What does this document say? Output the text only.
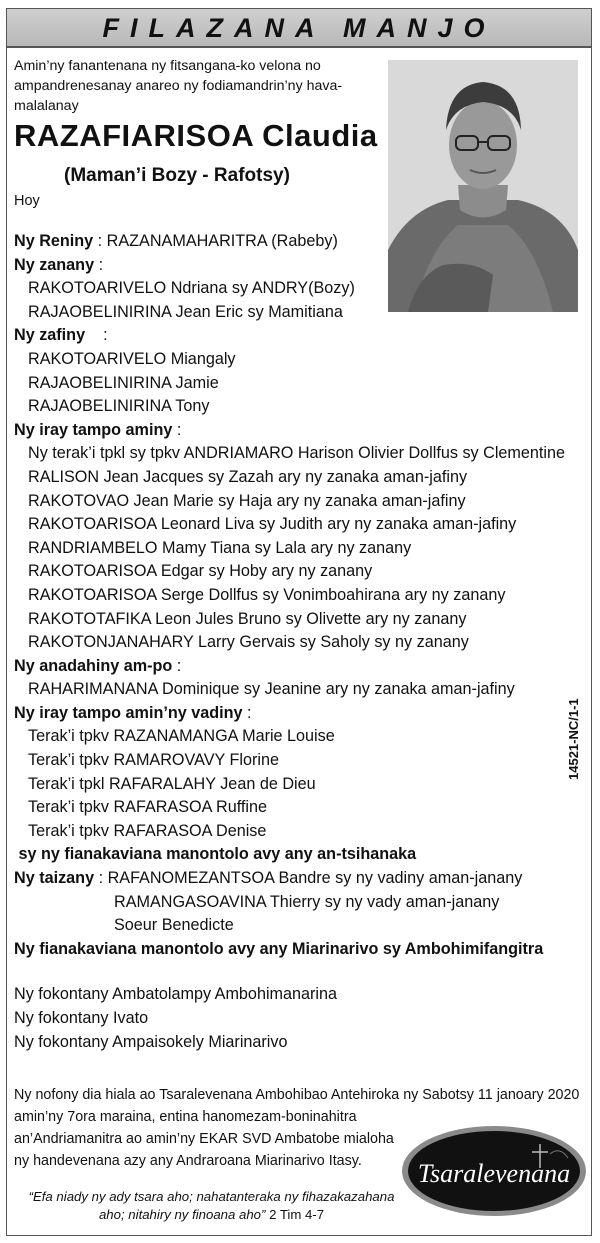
FILAZANA MANJO
Amin’ny fanantenana ny fitsangana-ko velona no ampandrenesanay anareo ny fodiamandrin’ny hava-malalanay
RAZAFIARISOA Claudia
(Maman’i Bozy - Rafotsy)
Hoy
Ny Reniny : RAZANAMAHARITRA (Rabeby)
Ny zanany :
RAKOTOARIVELO Ndriana sy ANDRY(Bozy)
RAJAOBELINIRINA Jean Eric sy Mamitiana
Ny zafiny    :
RAKOTOARIVELO Miangaly
RAJAOBELINIRINA Jamie
RAJAOBELINIRINA Tony
Ny iray tampo aminy :
Ny terak’i tpkl sy tpkv ANDRIAMARO Harison Olivier Dollfus sy Clementine
RALISON Jean Jacques sy Zazah ary ny zanaka aman-jafiny
RAKOTOVAO Jean Marie sy Haja ary ny zanaka aman-jafiny
RAKOTOARISOA Leonard Liva sy Judith ary ny zanaka aman-jafiny
RANDRIAMBELO Mamy Tiana sy Lala ary ny zanany
RAKOTOARISOA Edgar sy Hoby ary ny zanany
RAKOTOARISOA Serge Dollfus sy Vonimboahirana ary ny zanany
RAKOTOTAFIKA Leon Jules Bruno sy Olivette ary ny zanany
RAKOTONJANAHARY Larry Gervais sy Saholy sy ny zanany
Ny anadahiny am-po :
RAHARIMANANA Dominique sy Jeanine ary ny zanaka aman-jafiny
Ny iray tampo amin’ny vadiny :
Terak’i tpkv RAZANAMANGA Marie Louise
Terak’i tpkv RAMAROVAVY Florine
Terak’i tpkl RAFARALAHY Jean de Dieu
Terak’i tpkv RAFARASOA Ruffine
Terak’i tpkv RAFARASOA Denise
sy ny fianakaviana manontolo avy any an-tsihanaka
Ny taizany : RAFANOMEZANTSOA Bandre sy ny vadiny aman-janany
RAMANGASOAVINA Thierry sy ny vady aman-janany
Soeur Benedicte
Ny fianakaviana manontolo avy any Miarinarivo sy Ambohimifangitra
Ny fokontany Ambatolampy Ambohimanarina
Ny fokontany Ivato
Ny fokontany Ampaisokely Miarinarivo
14521-NC/1-1
Ny nofony dia hiala ao Tsaralevenana Ambohibao Antehiroka ny Sabotsy 11 janoary 2020
amin’ny 7ora maraina, entina hanomezam-boninahitra
an’Andriamanitra ao amin’ny EKAR SVD Ambatobe mialoha
ny handevenana azy any Andraroana Miarinarivo Itasy.
“Efa niady ny ady tsara aho; nahatanteraka ny fihazakazahana aho; nitahiry ny finoana aho” 2 Tim 4-7
Tsaralevenana
